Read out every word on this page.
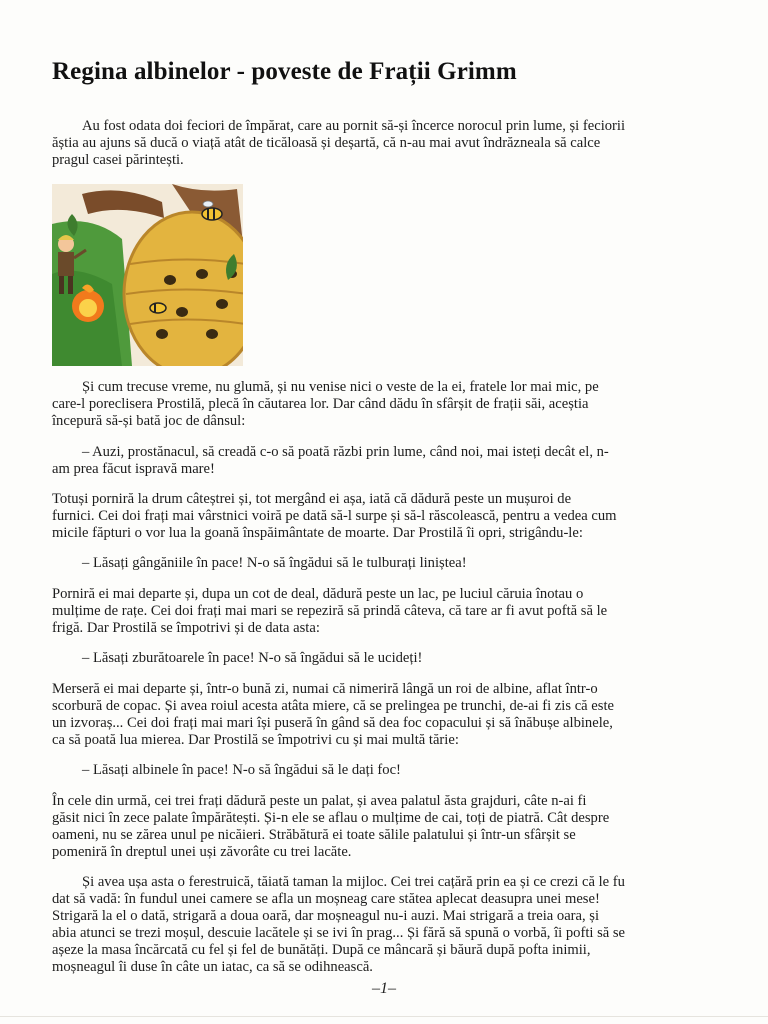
Regina albinelor - poveste de Frații Grimm
Au fost odata doi feciori de împărat, care au pornit să-și încerce norocul prin lume, și feciorii
ăștia au ajuns să ducă o viață atât de ticăloasă și deșartă, că n-au mai avut îndrăzneala să calce
pragul casei părintești.
Și cum trecuse vreme, nu glumă, și nu venise nici o veste de la ei, fratele lor mai mic, pe
care-l poreclisera Prostilă, plecă în căutarea lor. Dar când dădu în sfârșit de frații săi, aceștia
începură să-și bată joc de dânsul:
– Auzi, prostănacul, să creadă c-o să poată răzbi prin lume, când noi, mai isteți decât el, n-
am prea făcut ispravă mare!
Totuși porniră la drum câteștrei și, tot mergând ei așa, iată că dădură peste un mușuroi de
furnici. Cei doi frați mai vârstnici voiră pe dată să-l surpe și să-l răscolească, pentru a vedea cum
micile făpturi o vor lua la goană înspăimântate de moarte. Dar Prostilă îi opri, strigându-le:
– Lăsați gângăniile în pace! N-o să îngădui să le tulburați liniștea!
Porniră ei mai departe și, dupa un cot de deal, dădură peste un lac, pe luciul căruia înotau o
mulțime de rațe. Cei doi frați mai mari se repeziră să prindă câteva, că tare ar fi avut poftă să le
frigă. Dar Prostilă se împotrivi și de data asta:
– Lăsați zburătoarele în pace! N-o să îngădui să le ucideți!
Merseră ei mai departe și, într-o bună zi, numai că nimeriră lângă un roi de albine, aflat într-o
scorbură de copac. Și avea roiul acesta atâta miere, că se prelingea pe trunchi, de-ai fi zis că este
un izvoraș... Cei doi frați mai mari își puseră în gând să dea foc copacului și să înăbușe albinele,
ca să poată lua mierea. Dar Prostilă se împotrivi cu și mai multă tărie:
– Lăsați albinele în pace! N-o să îngădui să le dați foc!
În cele din urmă, cei trei frați dădură peste un palat, și avea palatul ăsta grajduri, câte n-ai fi
găsit nici în zece palate împărătești. Și-n ele se aflau o mulțime de cai, toți de piatră. Cât despre
oameni, nu se zărea unul pe nicăieri. Străbătură ei toate sălile palatului și într-un sfârșit se
pomeniră în dreptul unei uși zăvorâte cu trei lacăte.
Și avea ușa asta o ferestruică, tăiată taman la mijloc. Cei trei cațără prin ea și ce crezi că le fu
dat să vadă: în fundul unei camere se afla un moșneag care stătea aplecat deasupra unei mese!
Strigară la el o dată, strigară a doua oară, dar moșneagul nu-i auzi. Mai strigară a treia oara, și
abia atunci se trezi moșul, descuie lacătele și se ivi în prag... Și fără să spună o vorbă, îi pofti să se
așeze la masa încărcată cu fel și fel de bunătăți. După ce mâncară și băură după pofta inimii,
moșneagul îi duse în câte un iatac, ca să se odihnească.
–1–
